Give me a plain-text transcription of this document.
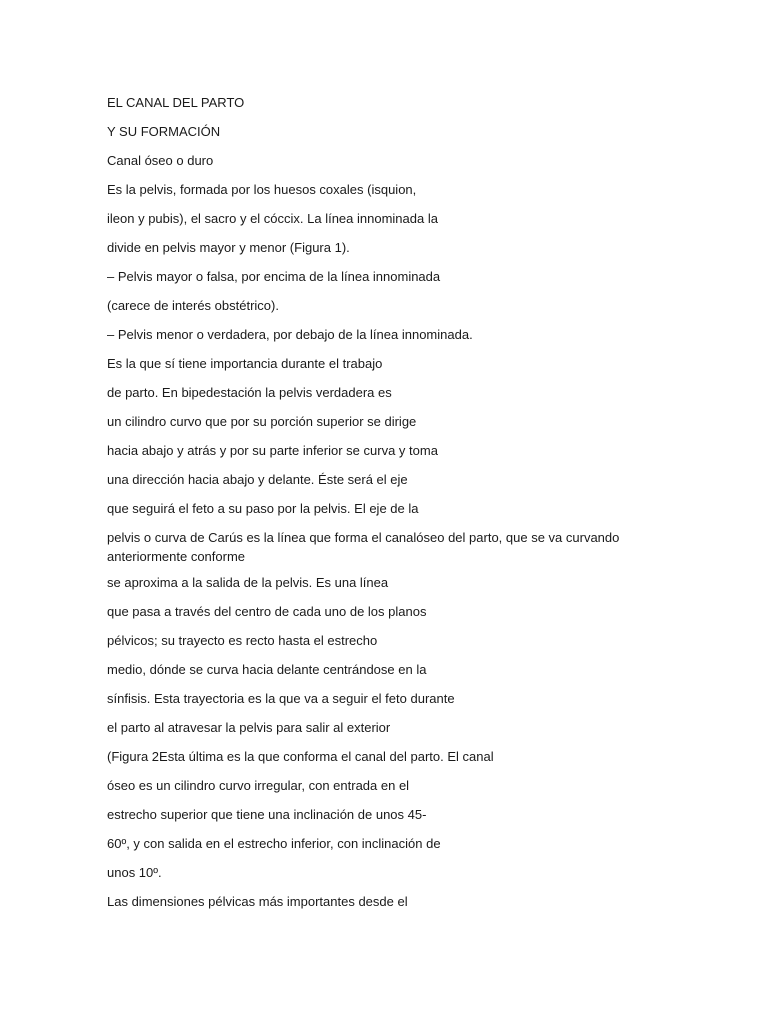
EL CANAL DEL PARTO
Y SU FORMACIÓN
Canal óseo o duro
Es la pelvis, formada por los huesos coxales (isquion,
ileon y pubis), el sacro y el cóccix. La línea innominada la
divide en pelvis mayor y menor (Figura 1).
– Pelvis mayor o falsa, por encima de la línea innominada
(carece de interés obstétrico).
– Pelvis menor o verdadera, por debajo de la línea innominada.
Es la que sí tiene importancia durante el trabajo
de parto. En bipedestación la pelvis verdadera es
un cilindro curvo que por su porción superior se dirige
hacia abajo y atrás y por su parte inferior se curva y toma
una dirección hacia abajo y delante. Éste será el eje
que seguirá el feto a su paso por la pelvis. El eje de la
pelvis o curva de Carús es la línea que forma el canalóseo del parto, que se va curvando anteriormente conforme
se aproxima a la salida de la pelvis. Es una línea
que pasa a través del centro de cada uno de los planos
pélvicos; su trayecto es recto hasta el estrecho
medio, dónde se curva hacia delante centrándose en la
sínfisis. Esta trayectoria es la que va a seguir el feto durante
el parto al atravesar la pelvis para salir al exterior
(Figura 2Esta última es la que conforma el canal del parto. El canal
óseo es un cilindro curvo irregular, con entrada en el
estrecho superior que tiene una inclinación de unos 45-
60º, y con salida en el estrecho inferior, con inclinación de
unos 10º.
Las dimensiones pélvicas más importantes desde el
